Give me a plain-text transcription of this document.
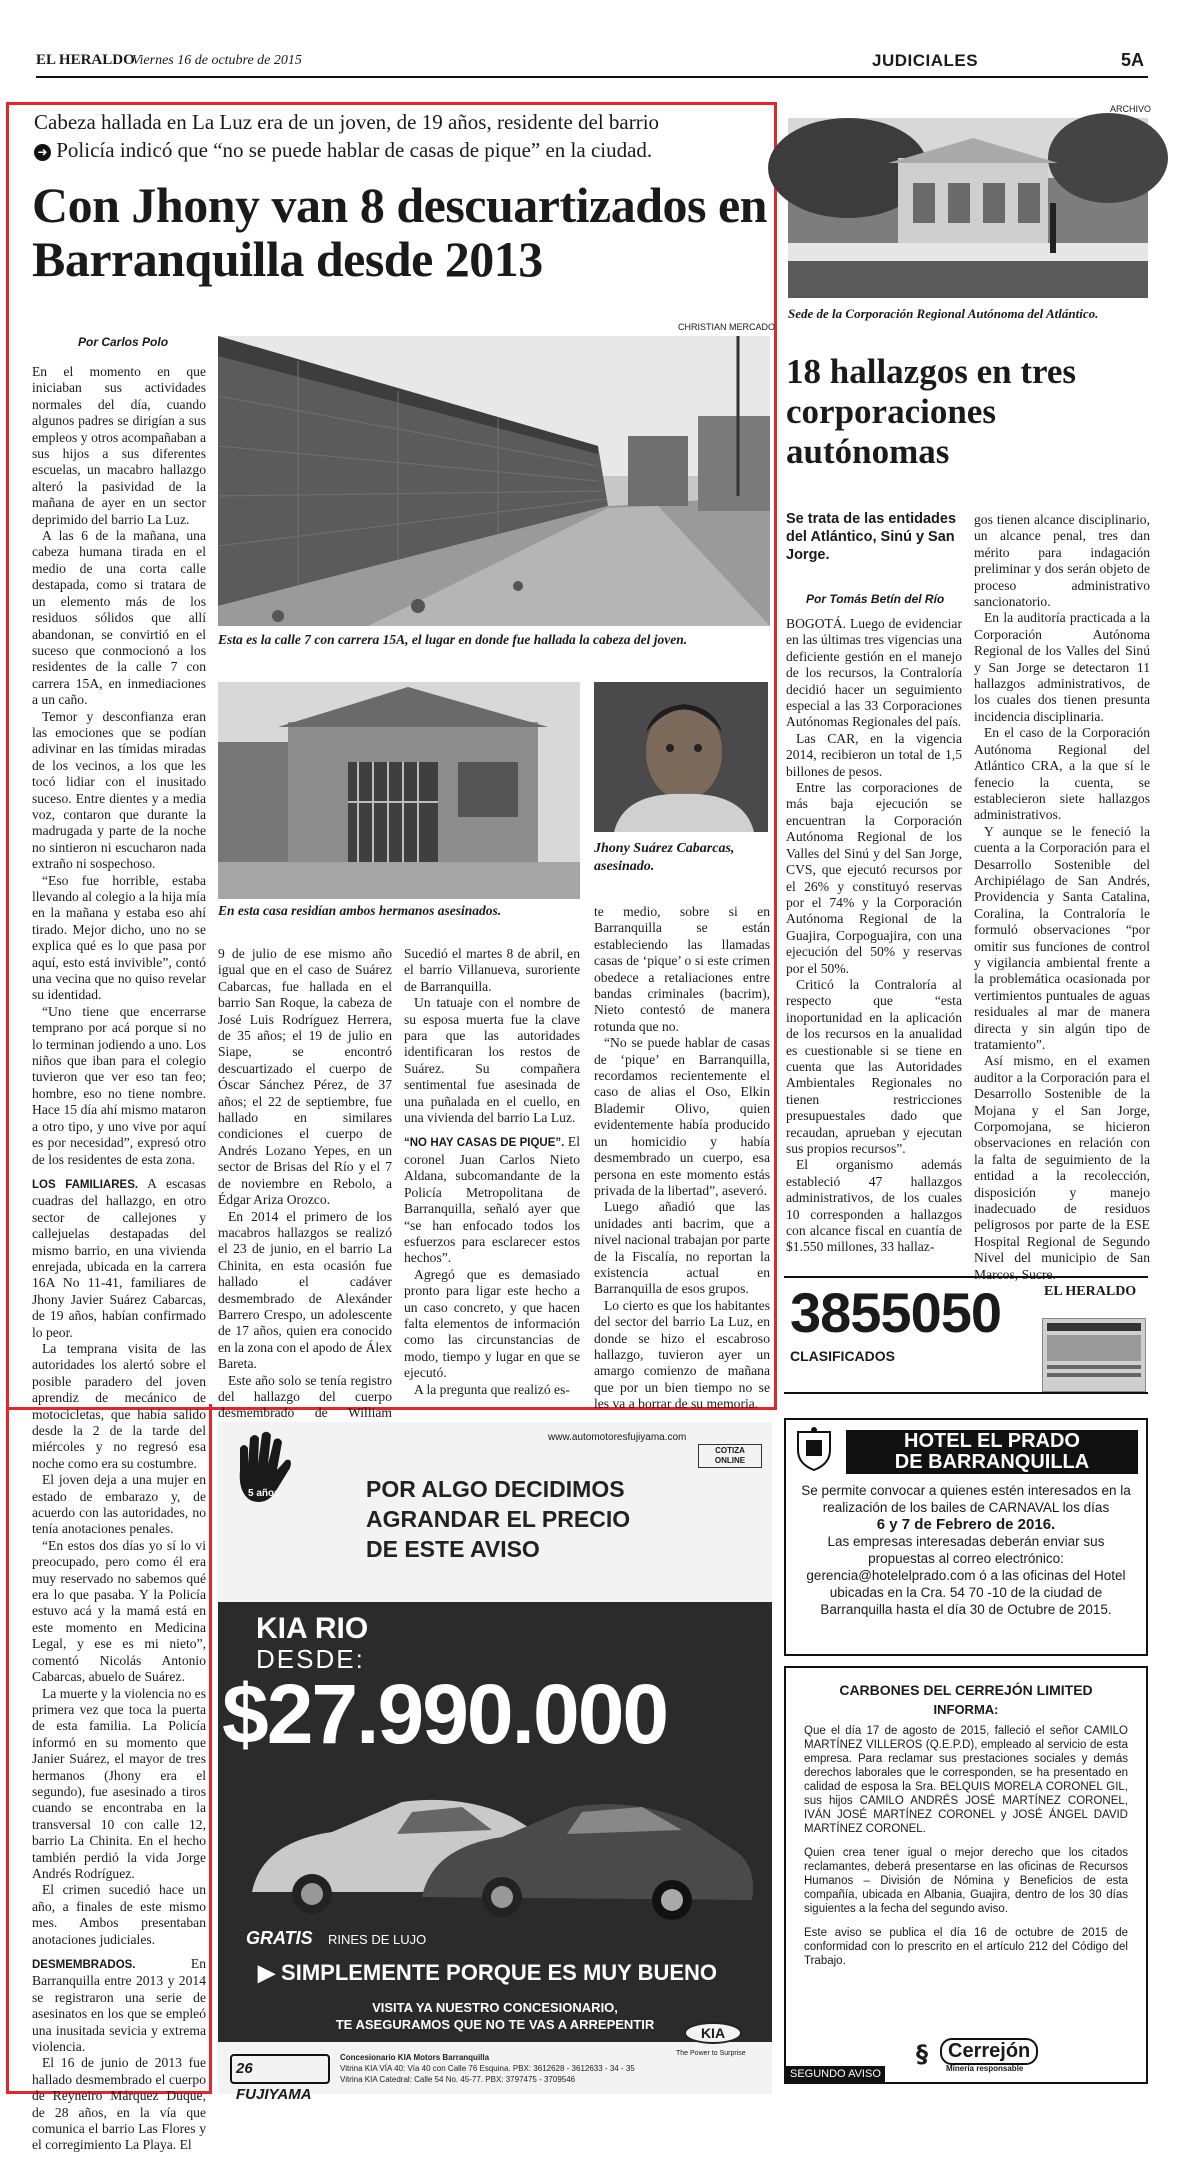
EL HERALDO
Viernes 16 de octubre de 2015	JUDICIALES	5A
Cabeza hallada en La Luz era de un joven, de 19 años, residente del barrio
➜ Policía indicó que “no se puede hablar de casas de pique” en la ciudad.
Con Jhony van 8 descuartizados en Barranquilla desde 2013
Por Carlos Polo
CHRISTIAN MERCADO
Esta es la calle 7 con carrera 15A, el lugar en donde fue hallada la cabeza del joven.
Jhony Suárez Cabarcas, asesinado.
En esta casa residían ambos hermanos asesinados.

En el momento en que iniciaban sus actividades normales del día, cuando algunos padres se dirigían a sus empleos y otros acompañaban a sus hijos a sus diferentes escuelas, un macabro hallazgo alteró la pasividad de la mañana de ayer en un sector deprimido del barrio La Luz.

A las 6 de la mañana, una cabeza humana tirada en el medio de una corta calle destapada, como si tratara de un elemento más de los residuos sólidos que allí abandonan, se convirtió en el suceso que conmocionó a los residentes de la calle 7 con carrera 15A, en inmediaciones a un caño.

Temor y desconfianza eran las emociones que se podían adivinar en las tímidas miradas de los vecinos, a los que les tocó lidiar con el inusitado suceso. Entre dientes y a media voz, contaron que durante la madrugada y parte de la noche no sintieron ni escucharon nada extraño ni sospechoso.

“Eso fue horrible, estaba llevando al colegio a la hija mía en la mañana y estaba eso ahí tirado. Mejor dicho, uno no se explica qué es lo que pasa por aquí, esto está invivible”, contó una vecina que no quiso revelar su identidad.

“Uno tiene que encerrarse temprano por acá porque si no lo terminan jodiendo a uno. Los niños que iban para el colegio tuvieron que ver eso tan feo; hombre, eso no tiene nombre. Hace 15 día ahí mismo mataron a otro tipo, y uno vive por aquí es por necesidad”, expresó otro de los residentes de esta zona.

LOS FAMILIARES. A escasas cuadras del hallazgo, en otro sector de callejones y callejuelas destapadas del mismo barrio, en una vivienda enrejada, ubicada en la carrera 16A No 11-41, familiares de Jhony Javier Suárez Cabarcas, de 19 años, habían confirmado lo peor.

La temprana visita de las autoridades los alertó sobre el posible paradero del joven aprendiz de mecánico de motocicletas, que había salido desde la 2 de la tarde del miércoles y no regresó esa noche como era su costumbre.

El joven deja a una mujer en estado de embarazo y, de acuerdo con las autoridades, no tenía anotaciones penales.

“En estos dos días yo sí lo vi preocupado, pero como él era muy reservado no sabemos qué era lo que pasaba. Y la Policía estuvo acá y la mamá está en este momento en Medicina Legal, y ese es mi nieto”, comentó Nicolás Antonio Cabarcas, abuelo de Suárez.

La muerte y la violencia no es primera vez que toca la puerta de esta familia. La Policía informó en su momento que Janier Suárez, el mayor de tres hermanos (Jhony era el segundo), fue asesinado a tiros cuando se encontraba en la transversal 10 con calle 12, barrio La Chinita. En el hecho también perdió la vida Jorge Andrés Rodríguez.

El crimen sucedió hace un año, a finales de este mismo mes. Ambos presentaban anotaciones judiciales.

DESMEMBRADOS.	En Barranquilla entre 2013 y 2014 se registraron una serie de asesinatos en los que se empleó una inusitada sevicia y extrema violencia.

El 16 de junio de 2013 fue hallado desmembrado el cuerpo de Reyneiro Márquez Duque, de 28 años, en la vía que comunica el barrio Las Flores y el corregimiento La Playa. El

9 de julio de ese mismo año igual que en el caso de Suárez Cabarcas, fue hallada en el barrio San Roque, la cabeza de José Luis Rodríguez Herrera, de 35 años; el 19 de julio en Siape, se encontró descuartizado el cuerpo de Óscar Sánchez Pérez, de 37 años; el 22 de septiembre, fue hallado en similares condiciones el cuerpo de Andrés Lozano Yepes, en un sector de Brisas del Río y el 7 de noviembre en Rebolo, a Édgar Ariza Orozco.

En 2014 el primero de los macabros hallazgos se realizó el 23 de junio, en el barrio La Chinita, en esta ocasión fue hallado el cadáver desmembrado de Alexánder Barrero Crespo, un adolescente de 17 años, quien era conocido en la zona con el apodo de Álex Bareta.

Este año solo se tenía registro del hallazgo del cuerpo desmembrado de William

Sucedió el martes 8 de abril, en el barrio Villanueva, suroriente de Barranquilla.

Un tatuaje con el nombre de su esposa muerta fue la clave para que las autoridades identificaran los restos de Suárez. Su compañera sentimental fue asesinada de una puñalada en el cuello, en una vivienda del barrio La Luz.

“NO HAY CASAS DE PIQUE”. El coronel Juan Carlos Nieto Aldana, subcomandante de la Policía Metropolitana de Barranquilla, señaló ayer que “se han enfocado todos los esfuerzos para esclarecer estos hechos”.

Agregó que es demasiado pronto para ligar este hecho a un caso concreto, y que hacen falta elementos de información como las circunstancias de modo, tiempo y lugar en que se ejecutó.

A la pregunta que realizó es-

te medio, sobre si en Barranquilla se están estableciendo las llamadas casas de ‘pique’ o si este crimen obedece a retaliaciones entre bandas criminales (bacrim), Nieto contestó de manera rotunda que no.

“No se puede hablar de casas de ‘pique’ en Barranquilla, recordamos recientemente el caso de alias el Oso, Elkin Blademir Olivo, quien evidentemente había producido un homicidio y había desmembrado un cuerpo, esa persona en este momento estás privada de la libertad”, aseveró.

Luego añadió que las unidades anti bacrim, que a nivel nacional trabajan por parte de la Fiscalía, no reportan la existencia actual en Barranquilla de esos grupos.

Lo cierto es que los habitantes del sector del barrio La Luz, en donde se hizo el escabroso hallazgo, tuvieron ayer un amargo comienzo de mañana que por un bien tiempo no se les va a borrar de su memoria.

5 años
www.automotoresfujiyama.com
COTIZA ONLINE
POR ALGO DECIDIMOS
AGRANDAR EL PRECIO
DE ESTE AVISO
KIA RIO
DESDE:
$27.990.000
GRATIS RINES DE LUJO
▶ SIMPLEMENTE PORQUE ES MUY BUENO
VISITA YA NUESTRO CONCESIONARIO,
TE ASEGURAMOS QUE NO TE VAS A ARREPENTIR
26 FUJIYAMA
Concesionario KIA Motors Barranquilla
Vitrina KIA VÍA 40: Vía 40 con Calle 76 Esquina. PBX: 3612628 - 3612633 - 34 - 35
Vitrina KIA Catedral: Calle 54 No. 45-77. PBX: 3797475 - 3709546
KIA
The Power to Surprise
ARCHIVO
Sede de la Corporación Regional Autónoma del Atlántico.
18 hallazgos en tres corporaciones autónomas
Se trata de las entidades del Atlántico, Sinú y San Jorge.
Por Tomás Betín del Río

BOGOTÁ. Luego de evidenciar en las últimas tres vigencias una deficiente gestión en el manejo de los recursos, la Contraloría decidió hacer un seguimiento especial a las 33 Corporaciones Autónomas Regionales del país.

Las CAR, en la vigencia 2014, recibieron un total de 1,5 billones de pesos.

Entre las corporaciones de más baja ejecución se encuentran la Corporación Autónoma Regional de los Valles del Sinú y del San Jorge, CVS, que ejecutó recursos por el 26% y constituyó reservas por el 74% y la Corporación Autónoma Regional de la Guajira, Corpoguajira, con una ejecución del 50% y reservas por el 50%.

Criticó la Contraloría al respecto que “esta inoportunidad en la aplicación de los recursos en la anualidad es cuestionable si se tiene en cuenta que las Autoridades Ambientales Regionales no tienen restricciones presupuestales dado que recaudan, aprueban y ejecutan sus propios recursos”.

El organismo además estableció 47 hallazgos administrativos, de los cuales 10 corresponden a hallazgos con alcance fiscal en cuantía de $1.550 millones, 33 hallaz-

gos tienen alcance disciplinario, un alcance penal, tres dan mérito para indagación preliminar y dos serán objeto de proceso administrativo sancionatorio.

En la auditoría practicada a la Corporación Autónoma Regional de los Valles del Sinú y San Jorge se detectaron 11 hallazgos administrativos, de los cuales dos tienen presunta incidencia disciplinaria.

En el caso de la Corporación Autónoma Regional del Atlántico CRA, a la que sí le fenecio la cuenta, se establecieron siete hallazgos administrativos.

Y aunque se le feneció la cuenta a la Corporación para el Desarrollo Sostenible del Archipiélago de San Andrés, Providencia y Santa Catalina, Coralina, la Contraloría le formuló observaciones “por omitir sus funciones de control y vigilancia ambiental frente a la problemática ocasionada por vertimientos puntuales de aguas residuales al mar de manera directa y sin algún tipo de tratamiento”.

Así mismo, en el examen auditor a la Corporación para el Desarrollo Sostenible de la Mojana y el San Jorge, Corpomojana, se hicieron observaciones en relación con la falta de seguimiento de la entidad a la recolección, disposición y manejo inadecuado de residuos peligrosos por parte de la ESE Hospital Regional de Segundo Nivel del municipio de San Marcos, Sucre.

3855050
CLASIFICADOS
EL HERALDO
HOTEL EL PRADO
DE BARRANQUILLA
Se permite convocar a quienes estén interesados en la realización de los bailes de CARNAVAL los días
6 y 7 de Febrero de 2016.
Las empresas interesadas deberán enviar sus propuestas al correo electrónico:
gerencia@hotelelprado.com ó a las oficinas del Hotel ubicadas en la Cra. 54 70 -10 de la ciudad de Barranquilla hasta el día 30 de Octubre de 2015.
CARBONES DEL CERREJÓN LIMITED
INFORMA:

Que el día 17 de agosto de 2015, falleció el señor CAMILO MARTÍNEZ VILLEROS (Q.E.P.D), empleado al servicio de esta empresa. Para reclamar sus prestaciones sociales y demás derechos laborales que le corresponden, se ha presentado en calidad de esposa la Sra. BELQUIS MORELA CORONEL GIL, sus hijos CAMILO ANDRÉS JOSÉ MARTÍNEZ CORONEL, IVÁN JOSÉ MARTÍNEZ CORONEL y JOSÉ ÁNGEL DAVID MARTÍNEZ CORONEL.

Quien crea tener igual o mejor derecho que los citados reclamantes, deberá presentarse en las oficinas de Recursos Humanos – División de Nómina y Beneficios de esta compañía, ubicada en Albania, Guajira, dentro de los 30 días siguientes a la fecha del segundo aviso.

Este aviso se publica el día 16 de octubre de 2015 de conformidad con lo prescrito en el artículo 212 del Código del Trabajo.

SEGUNDO AVISO
§	Cerrejón
Minería responsable
